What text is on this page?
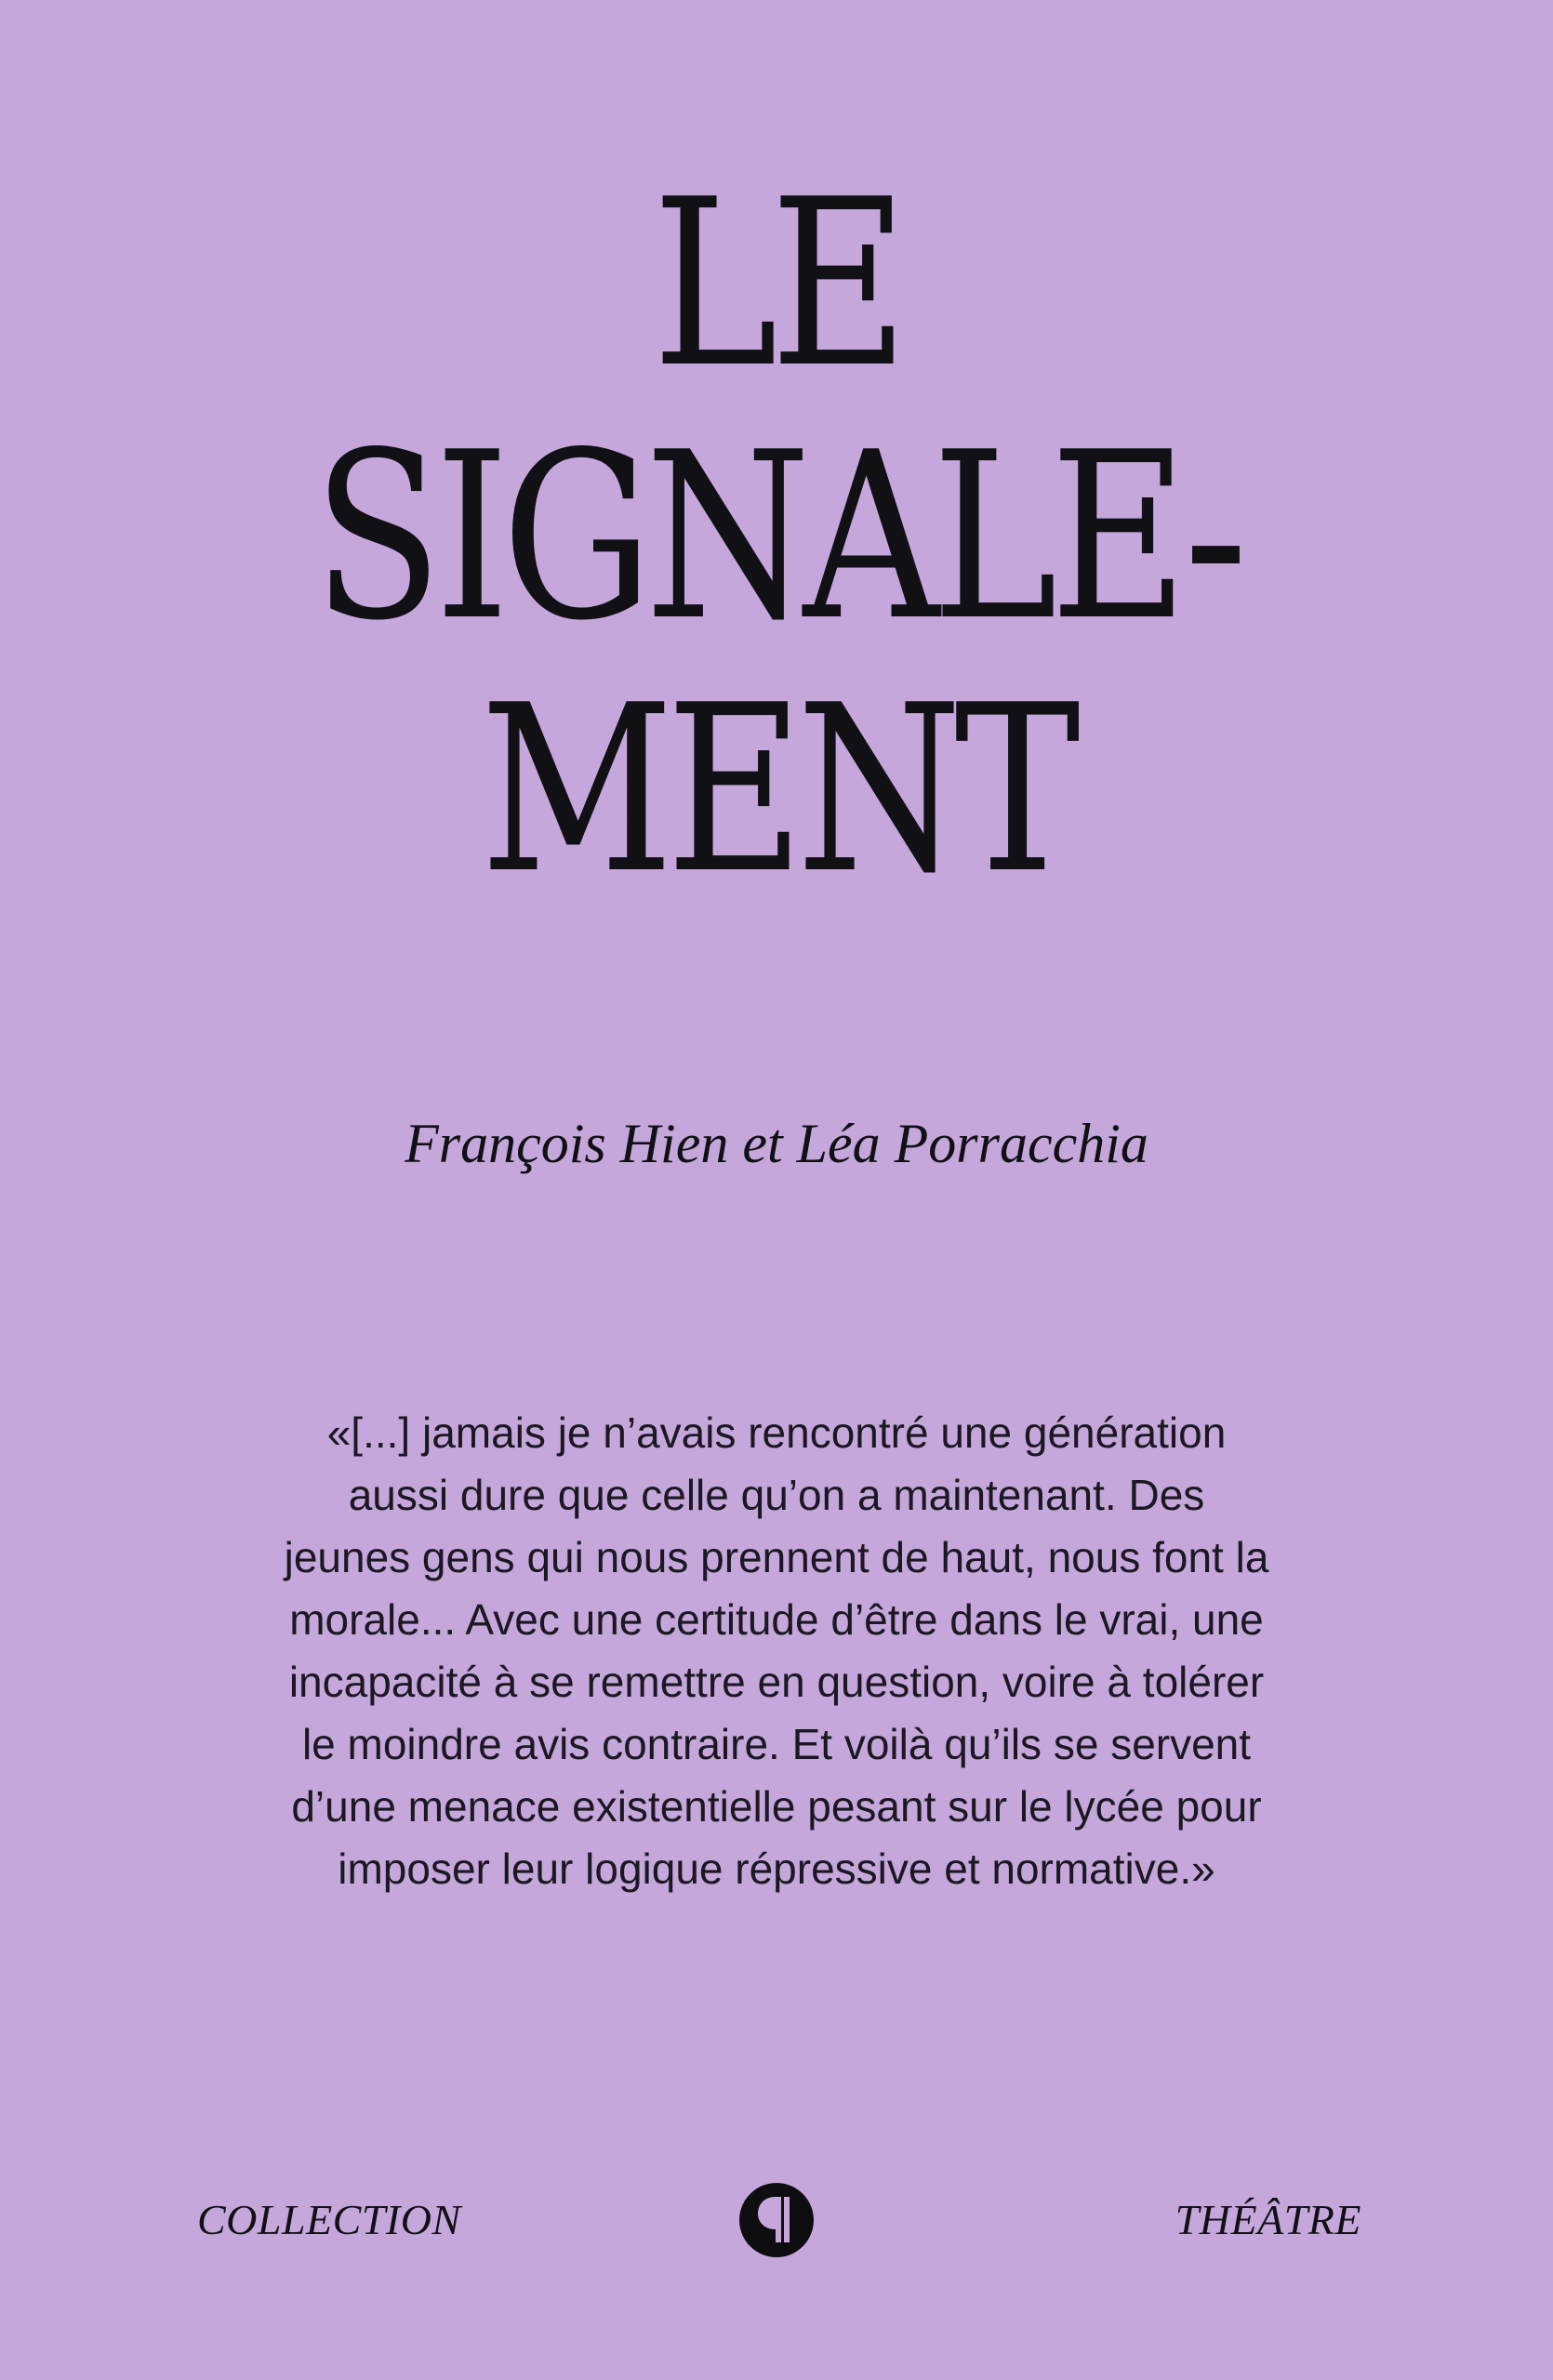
LE
SIGNALE-
MENT
François Hien et Léa Porracchia
«[...] jamais je n’avais rencontré une génération
aussi dure que celle qu’on a maintenant. Des
jeunes gens qui nous prennent de haut, nous font la
morale... Avec une certitude d’être dans le vrai, une
incapacité à se remettre en question, voire à tolérer
le moindre avis contraire. Et voilà qu’ils se servent
d’une menace existentielle pesant sur le lycée pour
imposer leur logique répressive et normative.»
COLLECTION	THÉÂTRE
